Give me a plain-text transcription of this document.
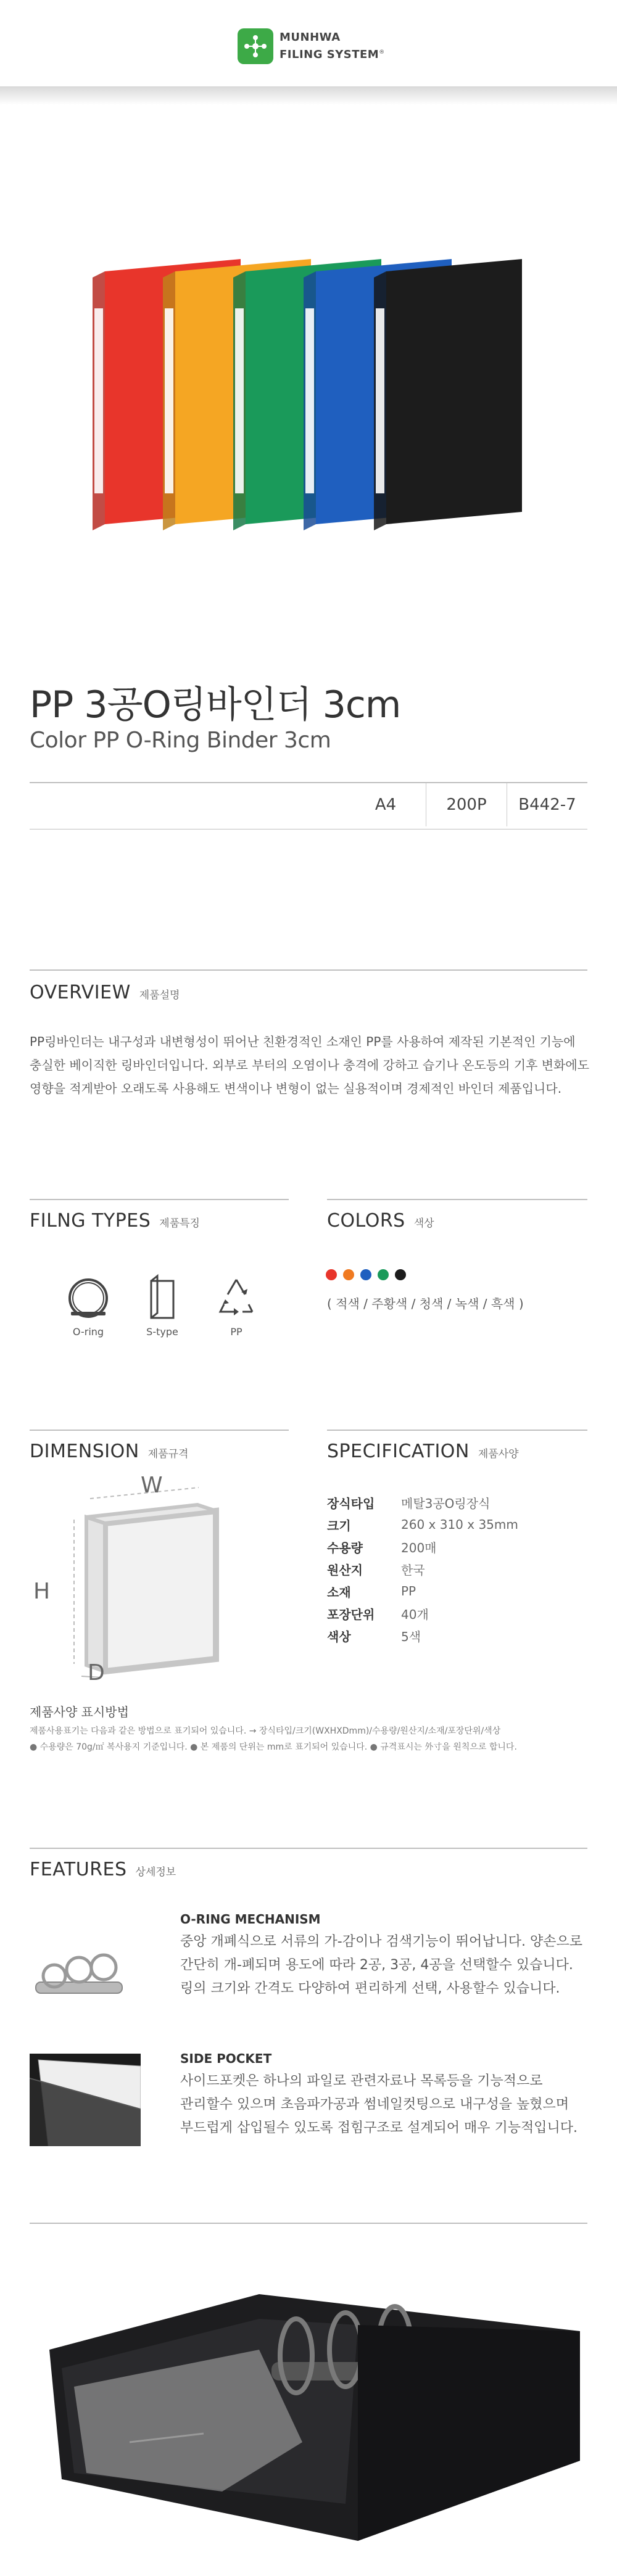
MUNHWA
FILING SYSTEM®
PP 3공O링바인더 3cm
Color PP O-Ring Binder 3cm
A4	200P	B442-7
OVERVIEW 제품설명
PP링바인더는 내구성과 내변형성이 뛰어난 친환경적인 소재인 PP를 사용하여 제작된 기본적인 기능에
충실한 베이직한 링바인더입니다. 외부로 부터의 오염이나 충격에 강하고 습기나 온도등의 기후 변화에도
영향을 적게받아 오래도록 사용해도 변색이나 변형이 없는 실용적이며 경제적인 바인더 제품입니다.
FILNG TYPES 제품특징
O-ring	S-type	PP
COLORS 색상
( 적색 / 주황색 / 청색 / 녹색 / 흑색 )
DIMENSION 제품규격
W
H
D
SPECIFICATION 제품사양
장식타입	메탈3공O링장식
크기	260 x 310 x 35mm
수용량	200매
원산지	한국
소재	PP
포장단위	40개
색상	5색
제품사양 표시방법
제품사용표기는 다음과 같은 방법으로 표기되어 있습니다. → 장식타입/크기(WXHXDmm)/수용량/원산지/소재/포장단위/색상
● 수용량은 70g/㎡ 복사용지 기준입니다. ● 본 제품의 단위는 mm로 표기되어 있습니다. ● 규격표시는 外寸을 원칙으로 합니다.
FEATURES 상세정보
O-RING MECHANISM
중앙 개폐식으로 서류의 가-감이나 검색기능이 뛰어납니다. 양손으로
간단히 개-폐되며 용도에 따라 2공, 3공, 4공을 선택할수 있습니다.
링의 크기와 간격도 다양하여 편리하게 선택, 사용할수 있습니다.
SIDE POCKET
사이드포켓은 하나의 파일로 관련자료나 목록등을 기능적으로
관리할수 있으며 초음파가공과 썸네일컷팅으로 내구성을 높혔으며
부드럽게 삽입될수 있도록 접힘구조로 설계되어 매우 기능적입니다.
